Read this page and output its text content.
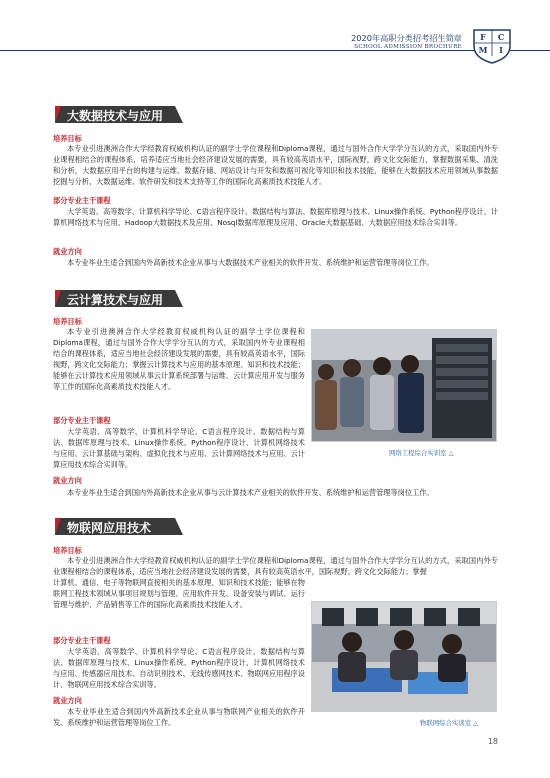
2020年高职分类招考招生简章
SCHOOL ADMISSION BROCHURE
F C
M I
大数据技术与应用
培养目标
本专业引进澳洲合作大学经教育权威机构认证的副学士学位课程和Diploma课程，通过与国外合作大学学分互认的方式，采取国内外专业课程相结合的课程体系，培养适应当地社会经济建设发展的需要，具有较高英语水平，国际视野，跨文化交际能力，掌握数据采集、清洗和分析，大数据应用平台的构建与运维、数据存储、网站设计与开发和数据可视化等知识和技术技能，能够在大数据技术应用领域从事数据挖掘与分析、大数据运维、软件研发和技术支持等工作的国际化高素质技术技能人才。
部分专业主干课程
大学英语、高等数学、计算机科学导论、C语言程序设计、数据结构与算法、数据库原理与技术、Linux操作系统、Python程序设计、计算机网络技术与应用、Hadoop大数据技术及应用、Nosql数据库原理及应用、Oracle大数据基础、大数据应用技术综合实训等。
就业方向
本专业毕业生适合到国内外高新技术企业从事与大数据技术产业相关的软件开发、系统维护和运营管理等岗位工作。
云计算技术与应用
培养目标
本专业引进澳洲合作大学经教育权威机构认证的副学士学位课程和Diploma课程，通过与国外合作大学学分互认的方式，采取国内外专业课程相结合的课程体系，适应当地社会经济建设发展的需要，具有较高英语水平，国际视野，跨文化交际能力；掌握云计算技术与应用的基本原理、知识和技术技能；能够在云计算技术应用领域从事云计算系统部署与运维、云计算应用开发与服务等工作的国际化高素质技术技能人才。
部分专业主干课程
大学英语、高等数学、计算机科学导论、C语言程序设计、数据结构与算法、数据库原理与技术、Linux操作系统、Python程序设计、计算机网络技术与应用、云计算基础与架构、虚拟化技术与应用、云计算网络技术与应用、云计算应用技术综合实训等。
就业方向
本专业毕业生适合到国内外高新技术企业从事与云计算技术产业相关的软件开发、系统维护和运营管理等岗位工作。
网络工程综合实训室 △
物联网应用技术
培养目标
本专业引进澳洲合作大学经教育权威机构认证的副学士学位课程和Diploma课程，通过与国外合作大学学分互认的方式，采取国内外专业课程相结合的课程体系，适应当地社会经济建设发展的需要，具有较高英语水平，国际视野，跨文化交际能力；掌握
计算机、通信、电子等物联网直接相关的基本原理、知识和技术技能；能够在物联网工程技术领域从事项目规划与管理、应用软件开发、设备安装与调试、运行管理与维护、产品销售等工作的国际化高素质技术技能人才。
部分专业主干课程
大学英语、高等数学、计算机科学导论、C语言程序设计、数据结构与算法、数据库原理与技术、Linux操作系统、Python程序设计、计算机网络技术与应用、传感器应用技术、自动识别技术、无线传感网技术、物联网应用程序设计、物联网应用技术综合实训等。
就业方向
本专业毕业生适合到国内外高新技术企业从事与物联网产业相关的软件开发、系统维护和运营管理等岗位工作。	物联网综合实训室 △
18
